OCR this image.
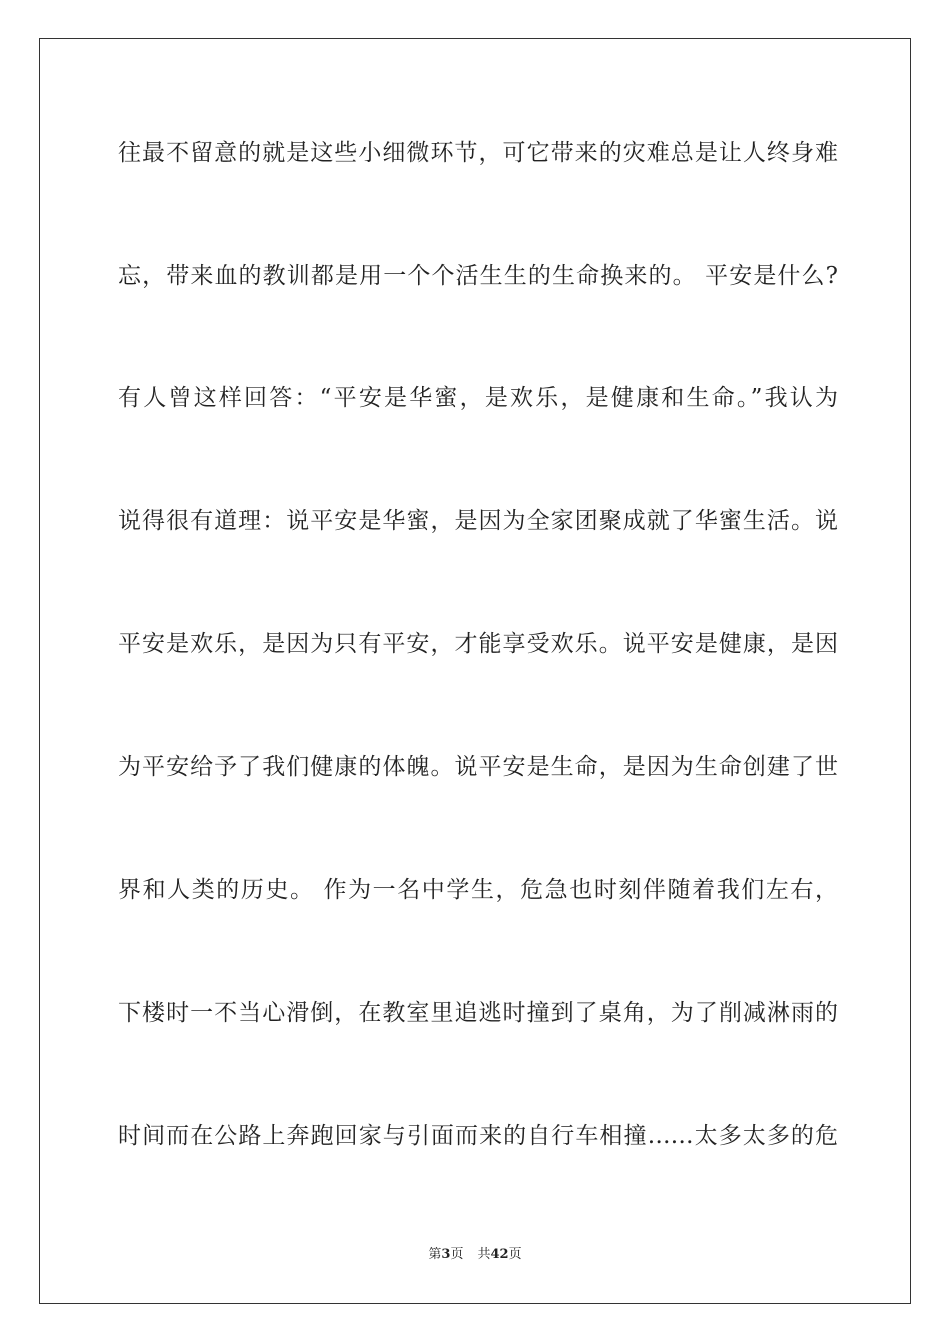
往最不留意的就是这些小细微环节，可它带来的灾难总是让人终身难
忘，带来血的教训都是用一个个活生生的生命换来的。 平安是什么?
有人曾这样回答：“平安是华蜜，是欢乐，是健康和生命。”我认为
说得很有道理：说平安是华蜜，是因为全家团聚成就了华蜜生活。说
平安是欢乐，是因为只有平安，才能享受欢乐。说平安是健康，是因
为平安给予了我们健康的体魄。说平安是生命，是因为生命创建了世
界和人类的历史。 作为一名中学生，危急也时刻伴随着我们左右，
下楼时一不当心滑倒，在教室里追逃时撞到了桌角，为了削减淋雨的
时间而在公路上奔跑回家与引面而来的自行车相撞……太多太多的危
第3页 共42页
